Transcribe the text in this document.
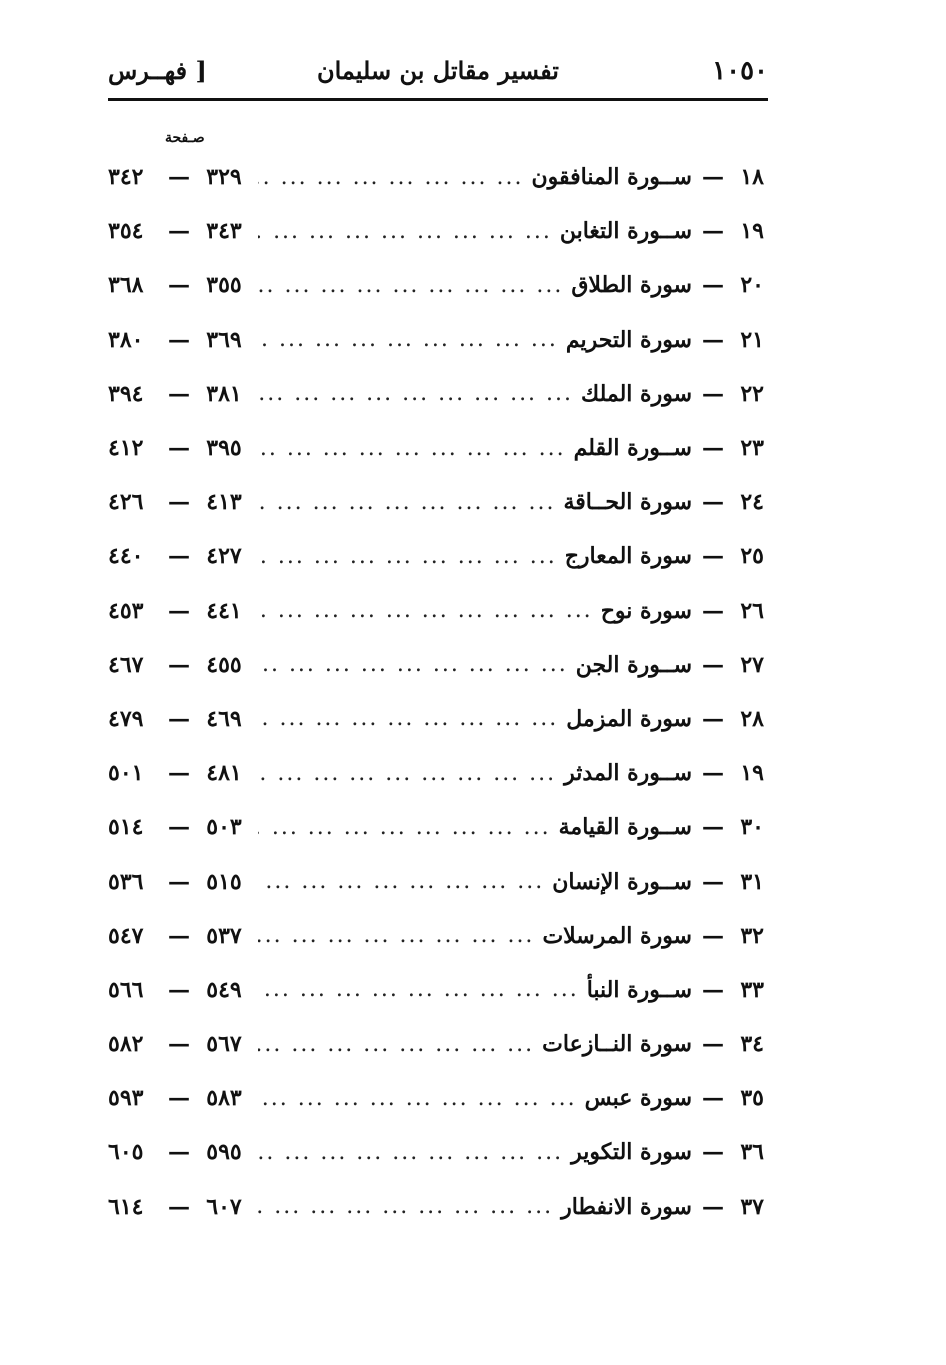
١٠٥٠
تفسير مقاتل بن سليمان
[ فهــرس
صـفحة
١٨
—
ســورة المنافقون
... .
٣٢٩
—
٣٤٢
١٩
—
ســورة التغابن
... .
٣٤٣
—
٣٥٤
٢٠
—
سورة الطلاق
... .
٣٥٥
—
٣٦٨
٢١
—
سورة التحريم
... .
٣٦٩
—
٣٨٠
٢٢
—
سورة الملك
... .
٣٨١
—
٣٩٤
٢٣
—
ســورة القلم
... .
٣٩٥
—
٤١٢
٢٤
—
سورة الحــاقة
... .
٤١٣
—
٤٢٦
٢٥
—
سورة المعارج
... .
٤٢٧
—
٤٤٠
٢٦
—
سورة نوح
... .
٤٤١
—
٤٥٣
٢٧
—
ســورة الجن
... .
٤٥٥
—
٤٦٧
٢٨
—
سورة المزمل
... .
٤٦٩
—
٤٧٩
١٩
—
ســورة المدثر
... .
٤٨١
—
٥٠١
٣٠
—
ســورة القيامة
... .
٥٠٣
—
٥١٤
٣١
—
ســورة الإنسان
... .
٥١٥
—
٥٣٦
٣٢
—
سورة المرسلات
... .
٥٣٧
—
٥٤٧
٣٣
—
ســورة النبأ
... .
٥٤٩
—
٥٦٦
٣٤
—
سورة النــازعات
... .
٥٦٧
—
٥٨٢
٣٥
—
سورة عبس
... .
٥٨٣
—
٥٩٣
٣٦
—
سورة التكوير
... .
٥٩٥
—
٦٠٥
٣٧
—
سورة الانفطار
... .
٦٠٧
—
٦١٤
